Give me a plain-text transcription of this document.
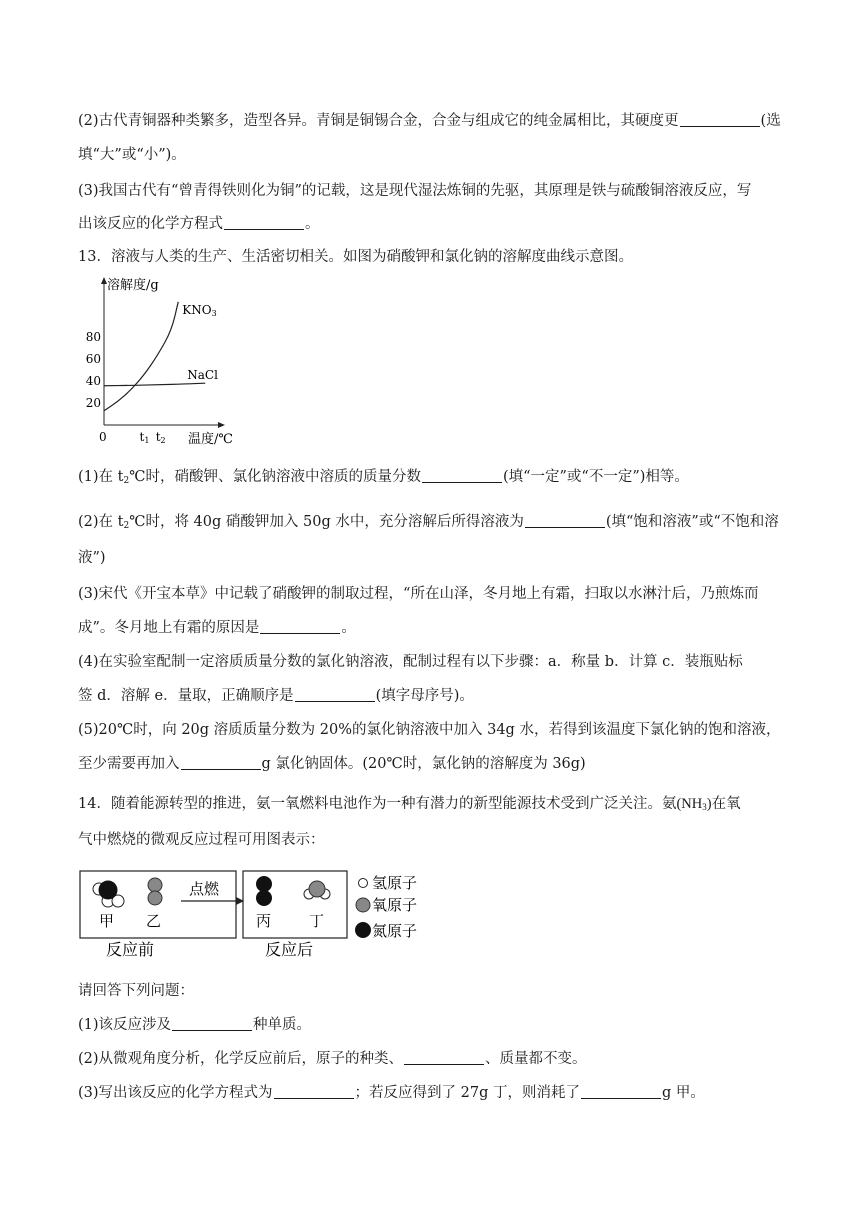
(2)古代青铜器种类繁多，造型各异。青铜是铜锡合金，合金与组成它的纯金属相比，其硬度更	(选
填“大”或“小”)。
(3)我国古代有“曾青得铁则化为铜”的记载，这是现代湿法炼铜的先驱，其原理是铁与硫酸铜溶液反应，写
出该反应的化学方程式	。
13．溶液与人类的生产、生活密切相关。如图为硝酸钾和氯化钠的溶解度曲线示意图。
溶解度/g
温度/℃
80
60
40
20
0	t1 t2
KNO3
NaCl
(1)在 $t_2℃$时，硝酸钾、氯化钠溶液中溶质的质量分数	(填“一定”或“不一定”)相等。
(2)在 $t_2℃$时，将 40g 硝酸钾加入 50g 水中，充分溶解后所得溶液为	(填“饱和溶液”或“不饱和溶
液”)
(3)宋代《开宝本草》中记载了硝酸钾的制取过程，“所在山泽，冬月地上有霜，扫取以水淋汁后，乃煎炼而
成”。冬月地上有霜的原因是	。
(4)在实验室配制一定溶质质量分数的氯化钠溶液，配制过程有以下步骤：a．称量 b．计算 c．装瓶贴标
签 d．溶解 e．量取，正确顺序是	(填字母序号)。
(5)20℃时，向 20g 溶质质量分数为 20%的氯化钠溶液中加入 34g 水，若得到该温度下氯化钠的饱和溶液，
至少需要再加入	g 氯化钠固体。(20℃时，氯化钠的溶解度为 36g)
14．随着能源转型的推进，氨一氧燃料电池作为一种有潜力的新型能源技术受到广泛关注。氨$(NH_3)$在氧
气中燃烧的微观反应过程可用图表示：
甲 乙
反应前
点燃
丙	丁
反应后
氢原子
氧原子
氮原子
请回答下列问题：
(1)该反应涉及	种单质。
(2)从微观角度分析，化学反应前后，原子的种类、	、质量都不变。
(3)写出该反应的化学方程式为	；若反应得到了 27g 丁，则消耗了	g 甲。
